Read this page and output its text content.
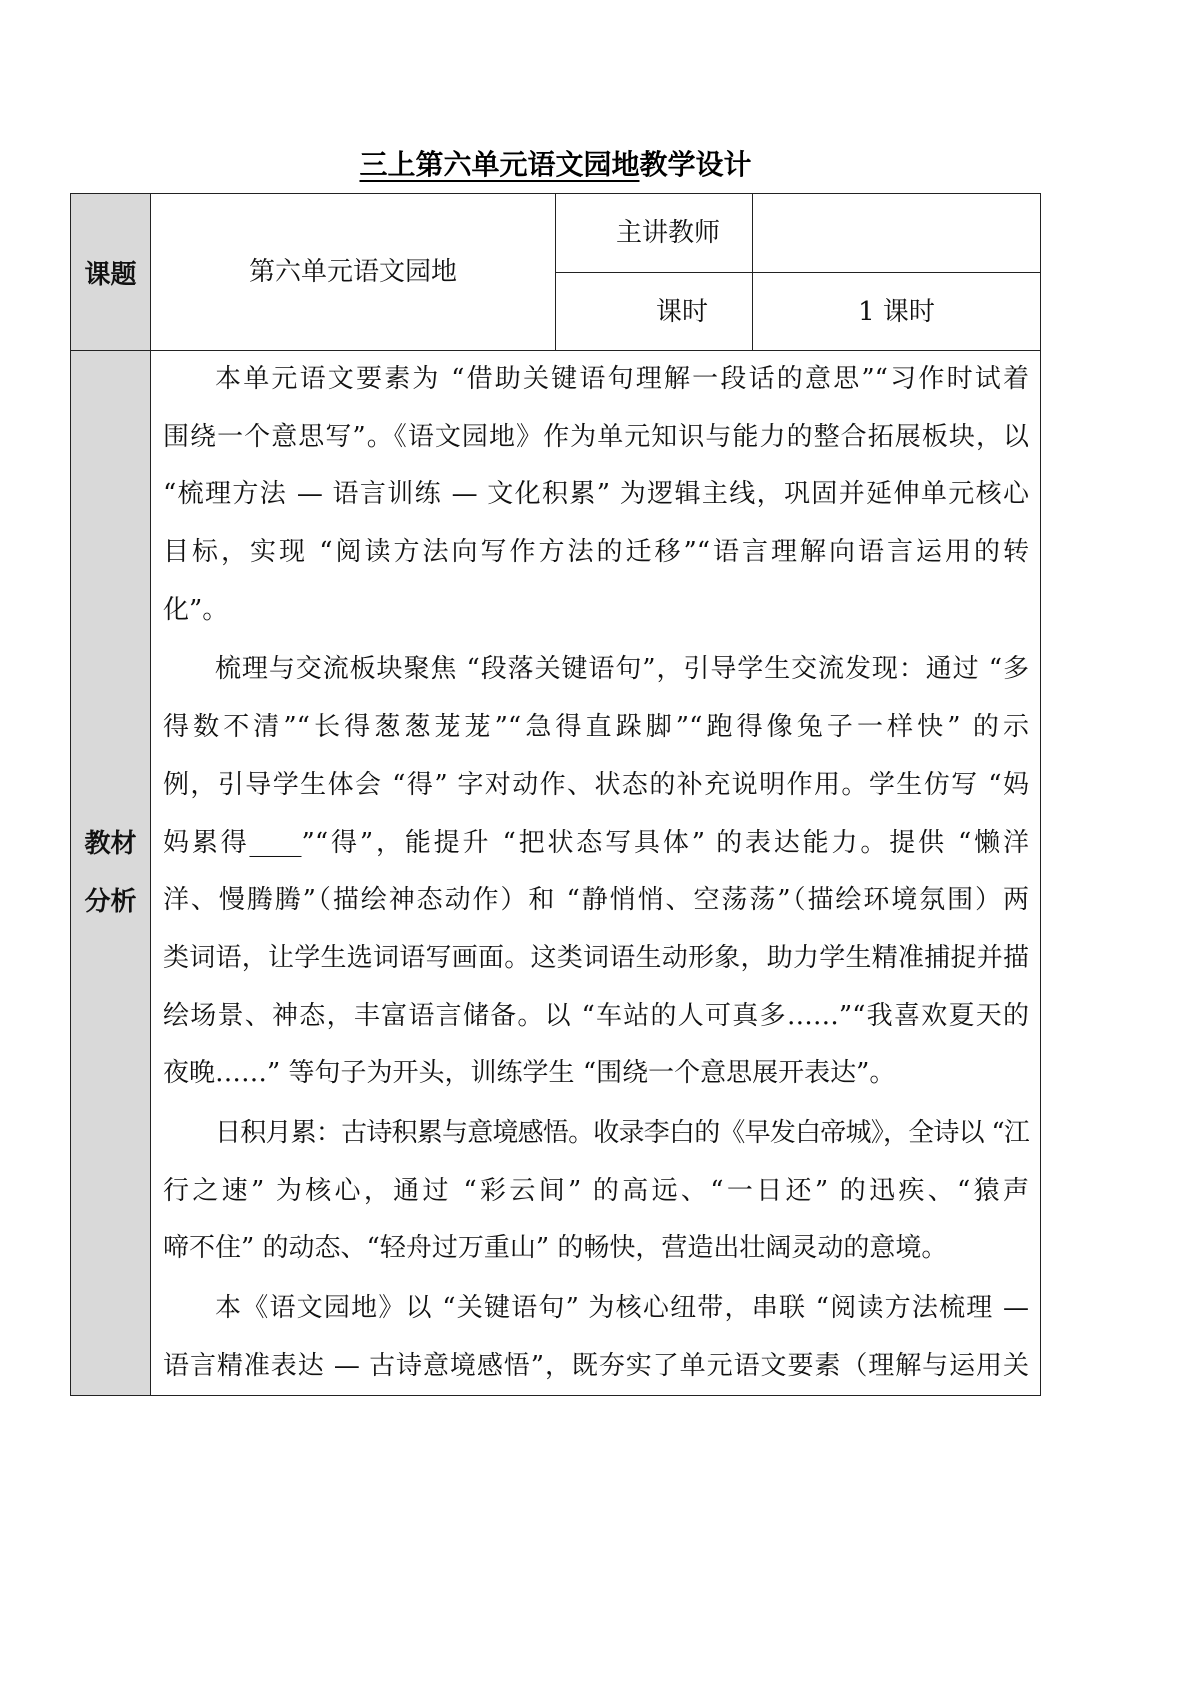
三上第六单元语文园地教学设计
课题	第六单元语文园地
主讲教师
课时	1 课时
教材
分析
本单元语文要素为 “借助关键语句理解一段话的意思”“习作时试着
围绕一个意思写”。《语文园地》作为单元知识与能力的整合拓展板块，以
“梳理方法 — 语言训练 — 文化积累” 为逻辑主线，巩固并延伸单元核心
目标，实现 “阅读方法向写作方法的迁移”“语言理解向语言运用的转
化”。
梳理与交流板块聚焦 “段落关键语句”，引导学生交流发现：通过 “多
得数不清”“长得葱葱茏茏”“急得直跺脚”“跑得像兔子一样快” 的示
例，引导学生体会 “得” 字对动作、状态的补充说明作用。学生仿写 “妈
妈累得____”“得”，能提升 “把状态写具体” 的表达能力。提供 “懒洋
洋、慢腾腾”（描绘神态动作）和 “静悄悄、空荡荡”（描绘环境氛围）两
类词语，让学生选词语写画面。这类词语生动形象，助力学生精准捕捉并描
绘场景、神态，丰富语言储备。以 “车站的人可真多……”“我喜欢夏天的
夜晚……” 等句子为开头，训练学生 “围绕一个意思展开表达”。
日积月累：古诗积累与意境感悟。收录李白的《早发白帝城》，全诗以 “江
行之速” 为核心，通过 “彩云间” 的高远、“一日还” 的迅疾、“猿声
啼不住” 的动态、“轻舟过万重山” 的畅快，营造出壮阔灵动的意境。
本《语文园地》以 “关键语句” 为核心纽带，串联 “阅读方法梳理 —
语言精准表达 — 古诗意境感悟”，既夯实了单元语文要素（理解与运用关
